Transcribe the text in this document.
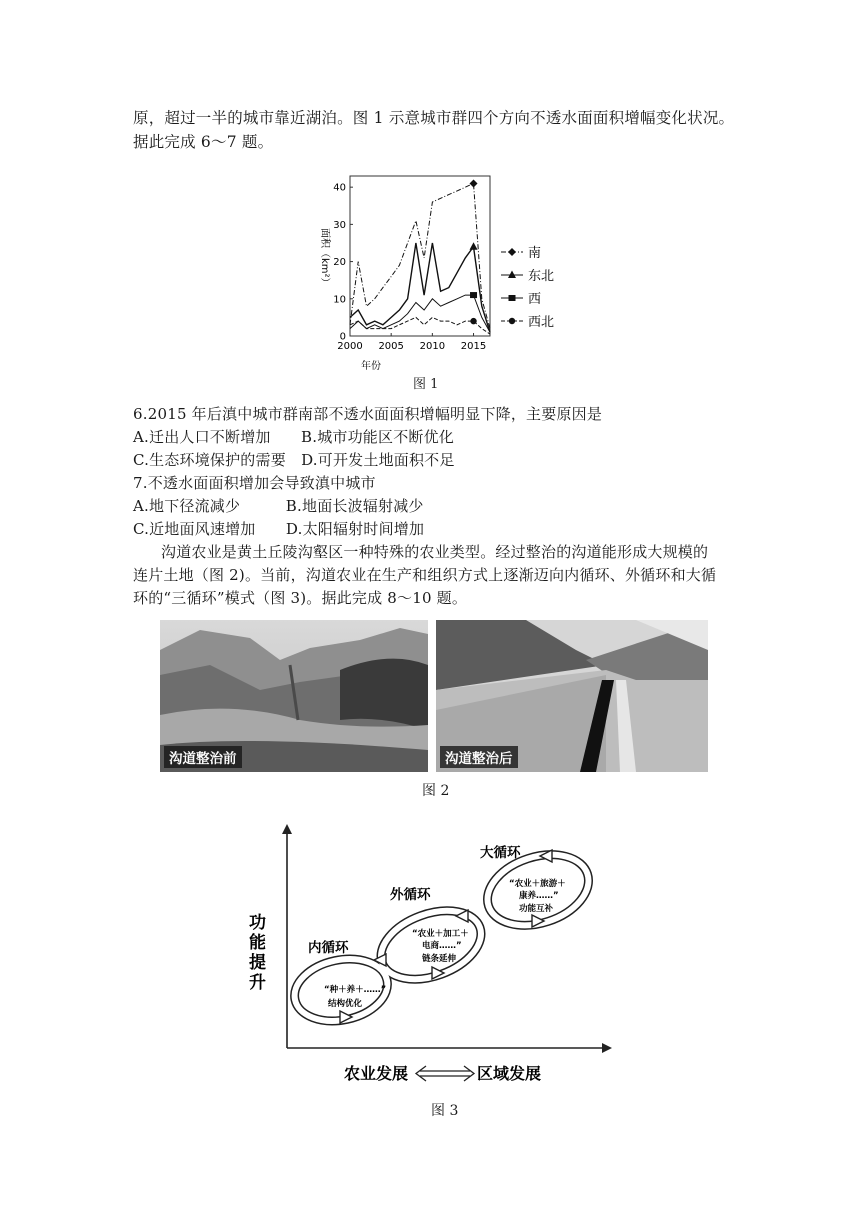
原，超过一半的城市靠近湖泊。图 1 示意城市群四个方向不透水面面积增幅变化状况。
据此完成 6～7 题。
0
10
20
30
40
2000 2005 2010 2015
南
东北
西
西北
面积（km²）
年份
图 1
6.2015 年后滇中城市群南部不透水面面积增幅明显下降，主要原因是
A.迁出人口不断增加　　B.城市功能区不断优化
C.生态环境保护的需要　D.可开发土地面积不足
7.不透水面面积增加会导致滇中城市
A.地下径流减少　　　B.地面长波辐射减少
C.近地面风速增加　　D.太阳辐射时间增加
沟道农业是黄土丘陵沟壑区一种特殊的农业类型。经过整治的沟道能形成大规模的
连片土地（图 2)。当前，沟道农业在生产和组织方式上逐渐迈向内循环、外循环和大循
环的“三循环”模式（图 3)。据此完成 8～10 题。
沟道整治前	沟道整治后
图 2
内循环
“种＋养＋……”
结构优化
外循环
“农业＋加工＋
电商……”
链条延伸
大循环
“农业＋旅游＋
康养……”
功能互补
功
能
提
升
农业发展	区域发展
图 3
